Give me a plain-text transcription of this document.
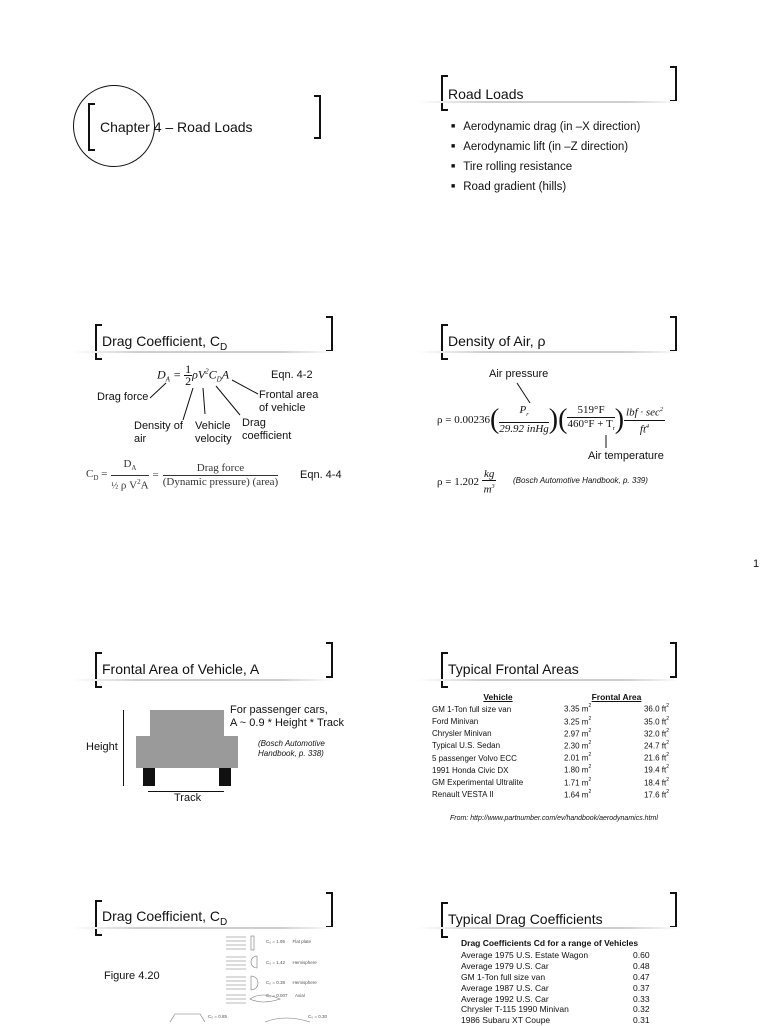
Chapter 4 – Road Loads
Road Loads
■ Aerodynamic drag (in –X direction)
■ Aerodynamic lift (in –Z direction)
■ Tire rolling resistance
■ Road gradient (hills)
Drag Coefficient, $C_D$
$D_A = \frac{1}{2} \rho V^2C_DA$	Eqn. 4-2
Drag force	Frontal area
of vehicle
Density of
air
Vehicle
velocity
Drag
coefficient
$C_D = \frac{D_A}{\frac{1}{2} \rho V^2A}$ =
Drag force
(Dynamic pressure) (area)
Eqn. 4-4
Density of Air, ρ
Air pressure
ρ = 0.00236 (	$P_r$
29.92 inHg )( 519°F
$460^\circ F + T_r$ ) lbf · $\sec^2$
$ft^4$
Air temperature
ρ = 1.202
kg
$m^3$
(Bosch Automotive Handbook, p. 339)
1
Frontal Area of Vehicle, A
For passenger cars,
A ~ 0.9 * Height * Track
(Bosch Automotive
Handbook, p. 338)
Height
Track
Typical Frontal Areas
Vehicle	Frontal Area	
GM 1-Ton full size van	3.35 $m^2$	36.0 $ft^2$
Ford Minivan	3.25 $m^2$	35.0 $ft^2$
Chrysler Minivan	2.97 $m^2$	32.0 $ft^2$
Typical U.S. Sedan	2.30 $m^2$	24.7 $ft^2$
5 passenger Volvo ECC	2.01 $m^2$	21.6 $ft^2$
1991 Honda Civic DX	1.80 $m^2$	19.4 $ft^2$
GM Experimental Ultralite	1.71 $m^2$	18.4 $ft^2$
Renault VESTA II	1.64 $m^2$	17.6 $ft^2$
From: http://www.partnumber.com/ev/handbook/aerodynamics.html
Drag Coefficient, $C_D$
Figure 4.20
C₀ = 1.95 Flat plate
C₀ = 1.42 Hemisphere
C₀ = 0.38 Hemisphere
C₀ = 0.007 Axial
C₀ = 0.85	C₀ = 0.30
Typical Drag Coefficients
Drag Coefficients Cd for a range of Vehicles
Average 1975 U.S. Estate Wagon	0.60
Average 1979 U.S. Car	0.48
GM 1-Ton full size van	0.47
Average 1987 U.S. Car	0.37
Average 1992 U.S. Car	0.33
Chrysler T-115 1990 Minivan	0.32
1986 Subaru XT Coupe	0.31
